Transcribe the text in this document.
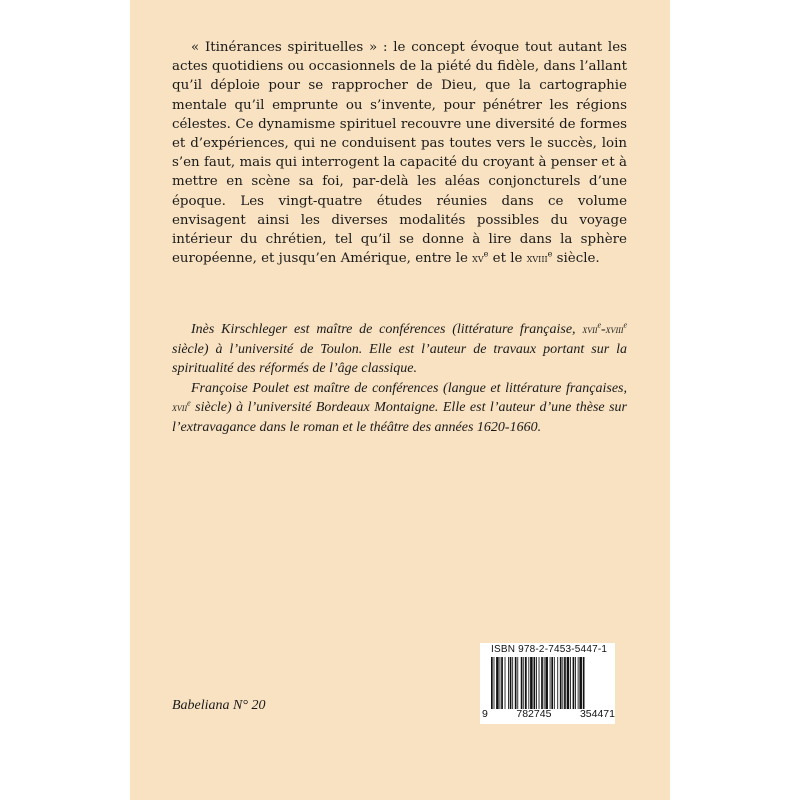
« Itinérances spirituelles » : le concept évoque tout autant les actes quotidiens ou occasionnels de la piété du fidèle, dans l’allant qu’il déploie pour se rapprocher de Dieu, que la cartographie mentale qu’il emprunte ou s’invente, pour pénétrer les régions célestes. Ce dynamisme spirituel recouvre une diversité de formes et d’expériences, qui ne conduisent pas toutes vers le succès, loin s’en faut, mais qui interrogent la capacité du croyant à penser et à mettre en scène sa foi, par-delà les aléas conjoncturels d’une époque. Les vingt-quatre études réunies dans ce volume envisagent ainsi les diverses modalités possibles du voyage intérieur du chrétien, tel qu’il se donne à lire dans la sphère européenne, et jusqu’en Amérique, entre le $xv^e$ et le xviii$^e$ siècle.

Inès Kirschleger est maître de conférences (littérature française, xvii$^e$-xviii$^e$ siècle) à l’université de Toulon. Elle est l’auteur de travaux portant sur la spiritualité des réformés de l’âge classique.

Françoise Poulet est maître de conférences (langue et littérature françaises, xvii$^e$ siècle) à l’université Bordeaux Montaigne. Elle est l’auteur d’une thèse sur l’extravagance dans le roman et le théâtre des années 1620-1660.

Babeliana N° 20
ISBN 978-2-7453-5447-1
9	782745	354471
